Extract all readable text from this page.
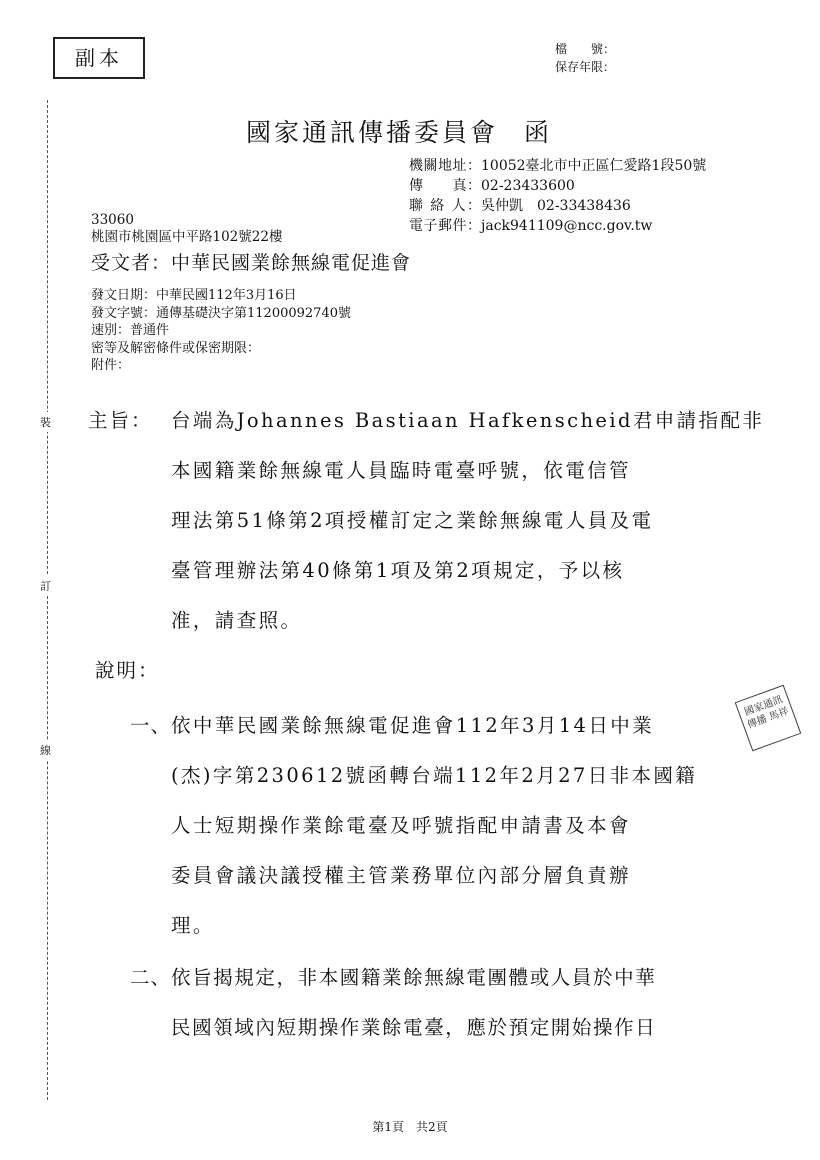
副本	檔　　號：
保存年限：
裝
訂
線
國家通訊傳播委員會 函
機關地址：10052臺北市中正區仁愛路1段50號
傳　　真：02-23433600
聯 絡 人：吳仲凱　02-33438436
電子郵件：jack941109@ncc.gov.tw
33060
桃園市桃園區中平路102號22樓
受文者：中華民國業餘無線電促進會
發文日期：中華民國112年3月16日
發文字號：通傳基礎決字第11200092740號
速別：普通件
密等及解密條件或保密期限：
附件：
主旨： 台端為Johannes Bastiaan Hafkenscheid君申請指配非
本國籍業餘無線電人員臨時電臺呼號，依電信管
理法第51條第2項授權訂定之業餘無線電人員及電
臺管理辦法第40條第1項及第2項規定，予以核
准，請查照。
說明：
一、 依中華民國業餘無線電促進會112年3月14日中業
(杰)字第230612號函轉台端112年2月27日非本國籍
人士短期操作業餘電臺及呼號指配申請書及本會
委員會議決議授權主管業務單位內部分層負責辦
理。
二、 依旨揭規定，非本國籍業餘無線電團體或人員於中華
民國領域內短期操作業餘電臺，應於預定開始操作日
國家通訊傳播 馬祥
第1頁　共2頁
